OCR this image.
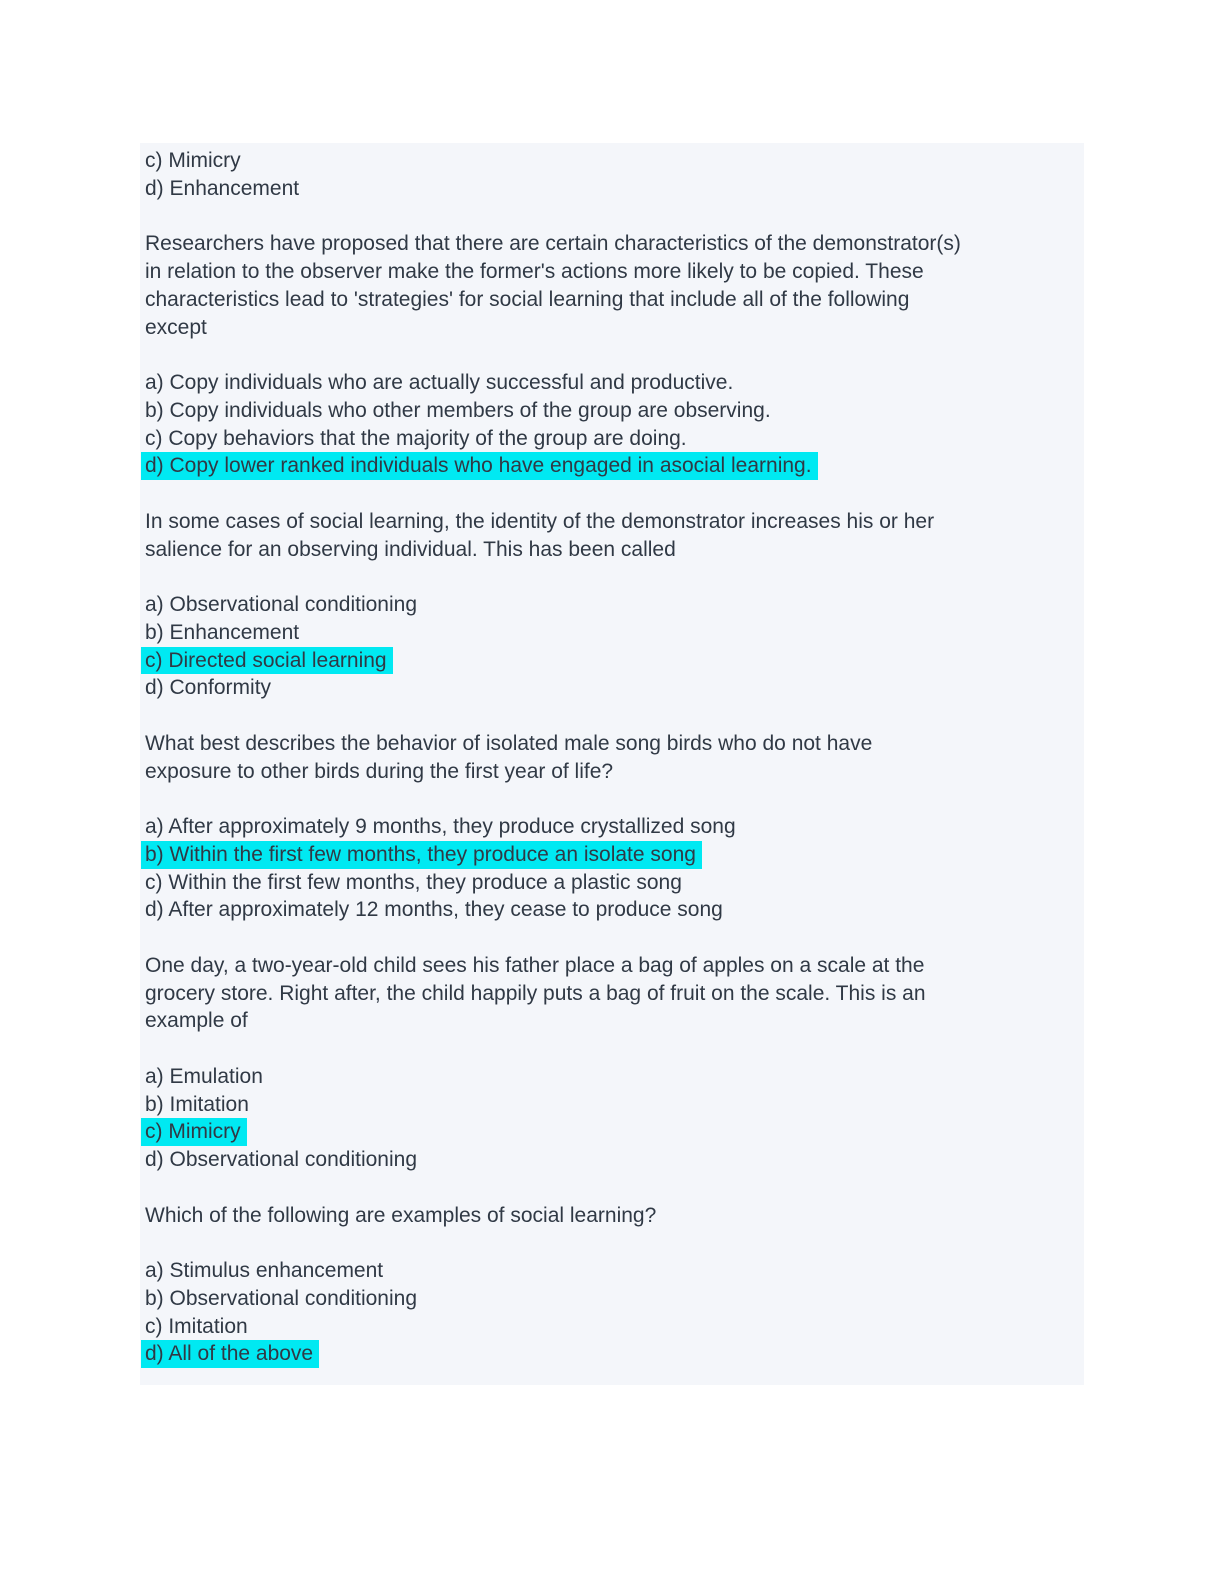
c) Mimicry
d) Enhancement
Researchers have proposed that there are certain characteristics of the demonstrator(s)
in relation to the observer make the former's actions more likely to be copied. These
characteristics lead to 'strategies' for social learning that include all of the following
except
a) Copy individuals who are actually successful and productive.
b) Copy individuals who other members of the group are observing.
c) Copy behaviors that the majority of the group are doing.
d) Copy lower ranked individuals who have engaged in asocial learning.
In some cases of social learning, the identity of the demonstrator increases his or her
salience for an observing individual. This has been called
a) Observational conditioning
b) Enhancement
c) Directed social learning
d) Conformity
What best describes the behavior of isolated male song birds who do not have
exposure to other birds during the first year of life?
a) After approximately 9 months, they produce crystallized song
b) Within the first few months, they produce an isolate song
c) Within the first few months, they produce a plastic song
d) After approximately 12 months, they cease to produce song
One day, a two-year-old child sees his father place a bag of apples on a scale at the
grocery store. Right after, the child happily puts a bag of fruit on the scale. This is an
example of
a) Emulation
b) Imitation
c) Mimicry
d) Observational conditioning
Which of the following are examples of social learning?
a) Stimulus enhancement
b) Observational conditioning
c) Imitation
d) All of the above
